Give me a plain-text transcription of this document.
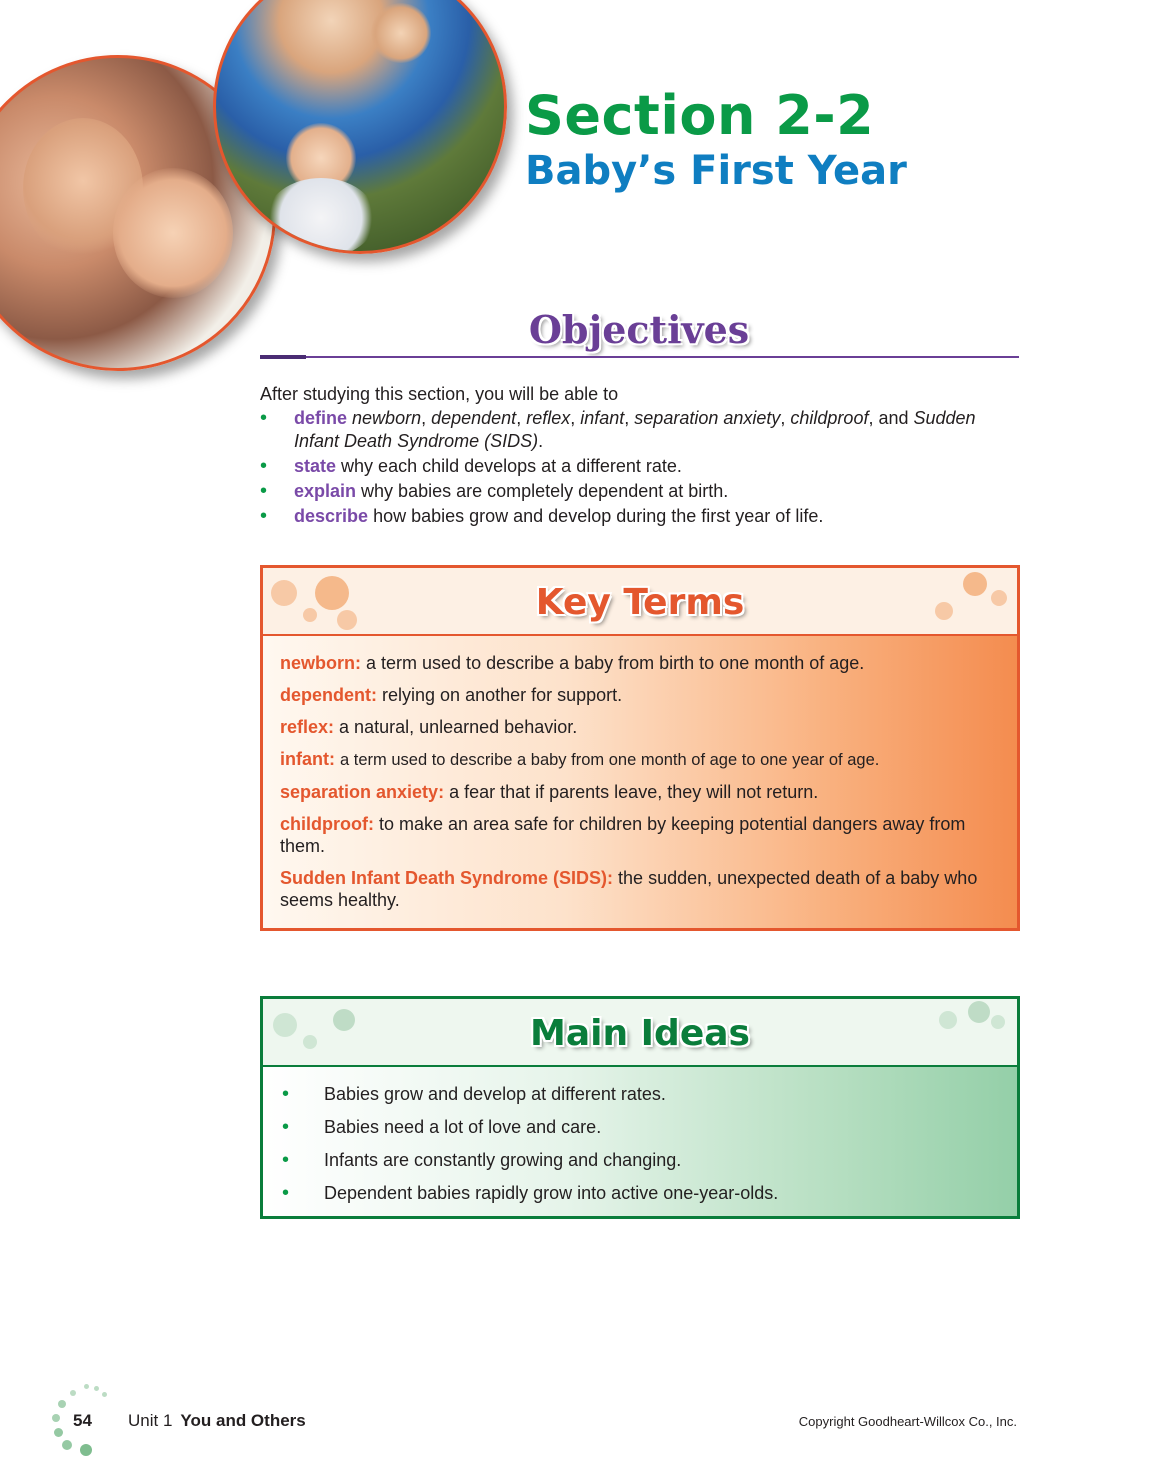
Section 2-2
Baby’s First Year
Objectives

After studying this section, you will be able to

• define newborn, dependent, reflex, infant, separation anxiety, childproof, and Sudden Infant Death Syndrome (SIDS).
• state why each child develops at a different rate.
• explain why babies are completely dependent at birth.
• describe how babies grow and develop during the first year of life.
Key Terms
newborn: a term used to describe a baby from birth to one month of age.
dependent: relying on another for support.
reflex: a natural, unlearned behavior.
infant: a term used to describe a baby from one month of age to one year of age.
separation anxiety: a fear that if parents leave, they will not return.
childproof: to make an area safe for children by keeping potential dangers away from them.
Sudden Infant Death Syndrome (SIDS): the sudden, unexpected death of a baby who seems healthy.
Main Ideas
• Babies grow and develop at different rates.
• Babies need a lot of love and care.
• Infants are constantly growing and changing.
• Dependent babies rapidly grow into active one-year-olds.

54 Unit 1 You and Others	Copyright Goodheart-Willcox Co., Inc.
